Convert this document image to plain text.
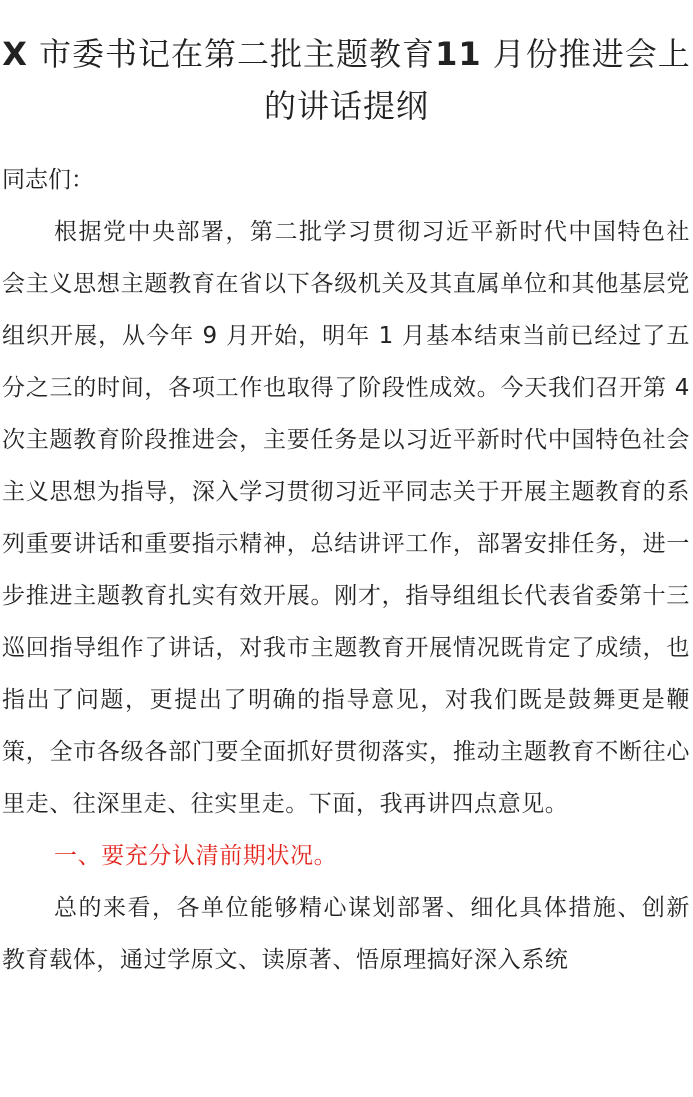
X 市委书记在第二批主题教育11 月份推进会上的讲话提纲

同志们：

根据党中央部署，第二批学习贯彻习近平新时代中国特色社会主义思想主题教育在省以下各级机关及其直属单位和其他基层党组织开展，从今年 9 月开始，明年 1 月基本结束当前已经过了五分之三的时间，各项工作也取得了阶段性成效。今天我们召开第 4 次主题教育阶段推进会，主要任务是以习近平新时代中国特色社会主义思想为指导，深入学习贯彻习近平同志关于开展主题教育的系列重要讲话和重要指示精神，总结讲评工作，部署安排任务，进一步推进主题教育扎实有效开展。刚才，指导组组长代表省委第十三巡回指导组作了讲话，对我市主题教育开展情况既肯定了成绩，也指出了问题，更提出了明确的指导意见，对我们既是鼓舞更是鞭策，全市各级各部门要全面抓好贯彻落实，推动主题教育不断往心里走、往深里走、往实里走。下面，我再讲四点意见。

一、要充分认清前期状况。

总的来看，各单位能够精心谋划部署、细化具体措施、创新教育载体，通过学原文、读原著、悟原理搞好深入系统
